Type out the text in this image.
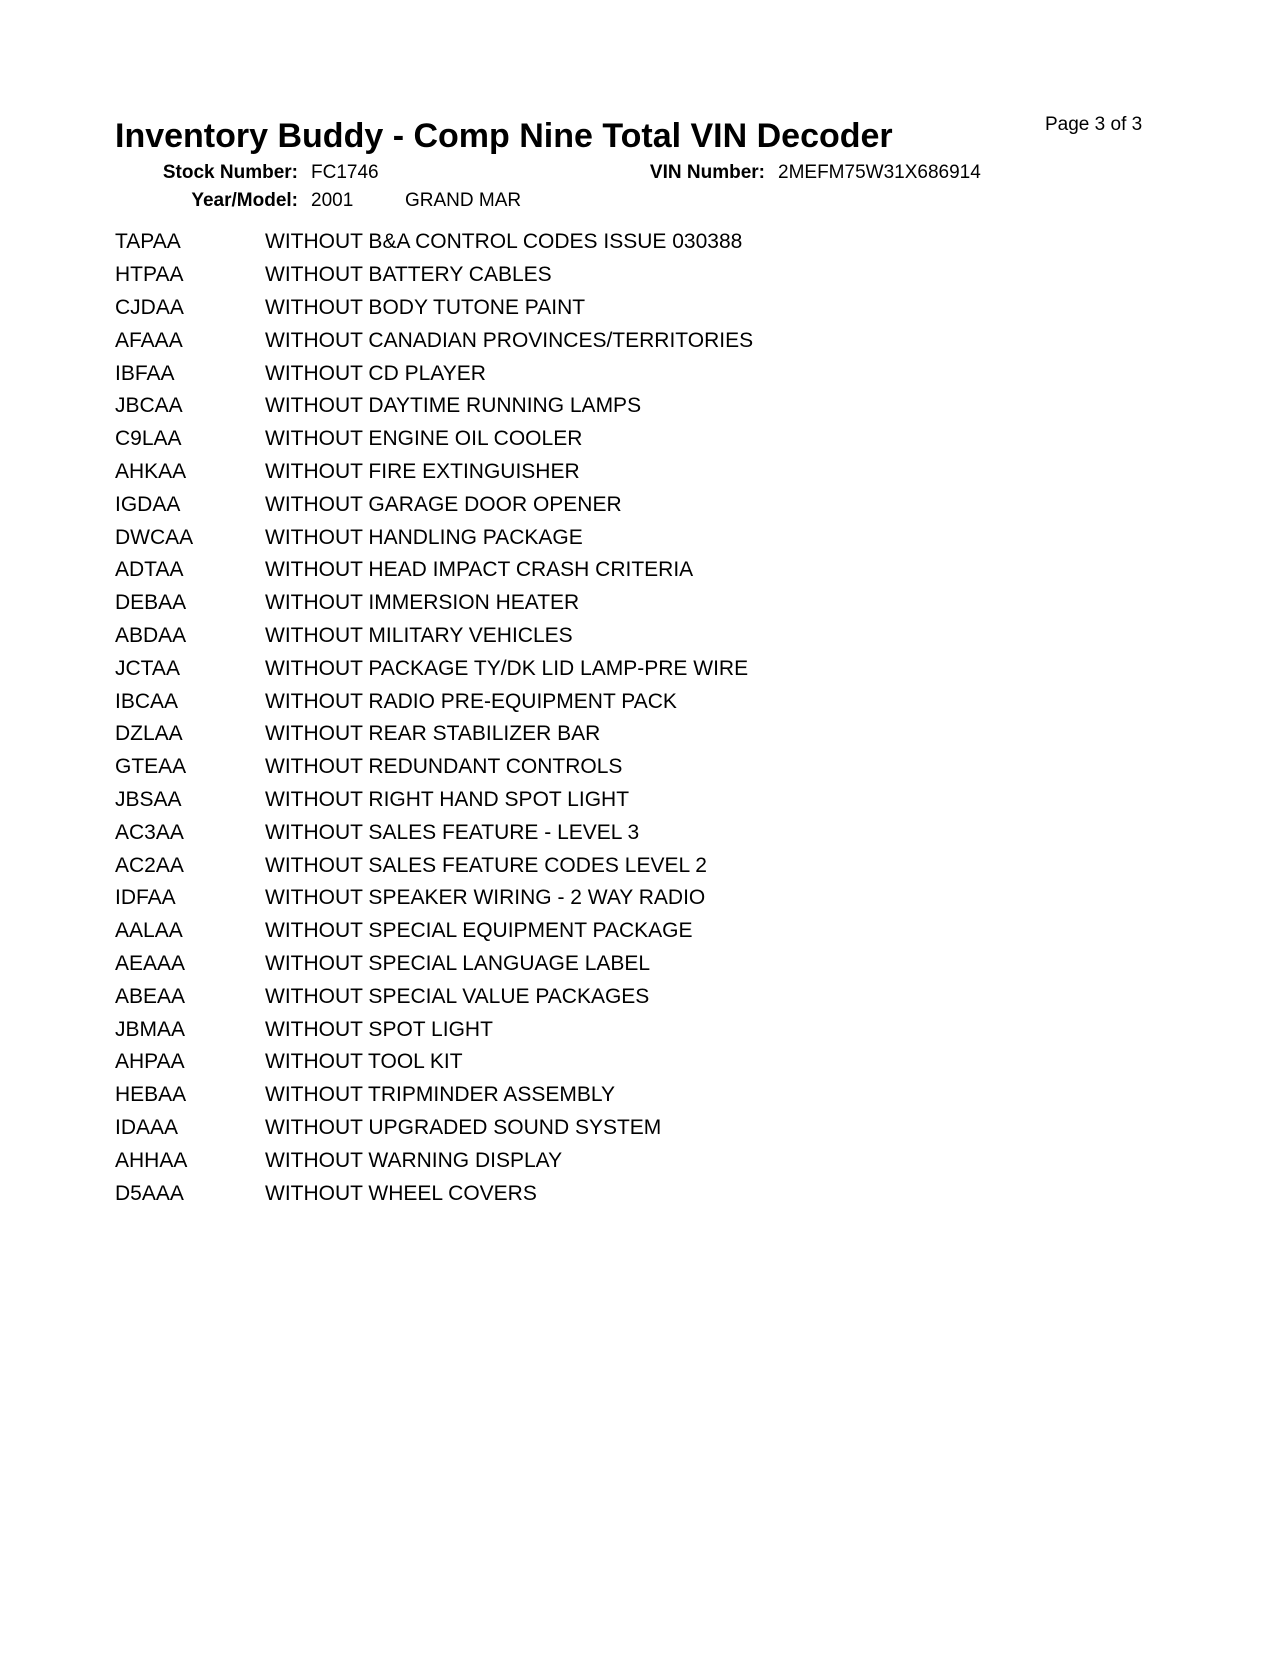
Inventory Buddy - Comp Nine Total VIN Decoder	Page 3 of 3
Stock Number: FC1746	VIN Number: 2MEFM75W31X686914
Year/Model: 2001	GRAND MAR
TAPAA	WITHOUT B&A CONTROL CODES ISSUE 030388
HTPAA	WITHOUT BATTERY CABLES
CJDAA	WITHOUT BODY TUTONE PAINT
AFAAA	WITHOUT CANADIAN PROVINCES/TERRITORIES
IBFAA	WITHOUT CD PLAYER
JBCAA	WITHOUT DAYTIME RUNNING LAMPS
C9LAA	WITHOUT ENGINE OIL COOLER
AHKAA	WITHOUT FIRE EXTINGUISHER
IGDAA	WITHOUT GARAGE DOOR OPENER
DWCAA	WITHOUT HANDLING PACKAGE
ADTAA	WITHOUT HEAD IMPACT CRASH CRITERIA
DEBAA	WITHOUT IMMERSION HEATER
ABDAA	WITHOUT MILITARY VEHICLES
JCTAA	WITHOUT PACKAGE TY/DK LID LAMP-PRE WIRE
IBCAA	WITHOUT RADIO PRE-EQUIPMENT PACK
DZLAA	WITHOUT REAR STABILIZER BAR
GTEAA	WITHOUT REDUNDANT CONTROLS
JBSAA	WITHOUT RIGHT HAND SPOT LIGHT
AC3AA	WITHOUT SALES FEATURE - LEVEL 3
AC2AA	WITHOUT SALES FEATURE CODES LEVEL 2
IDFAA	WITHOUT SPEAKER WIRING - 2 WAY RADIO
AALAA	WITHOUT SPECIAL EQUIPMENT PACKAGE
AEAAA	WITHOUT SPECIAL LANGUAGE LABEL
ABEAA	WITHOUT SPECIAL VALUE PACKAGES
JBMAA	WITHOUT SPOT LIGHT
AHPAA	WITHOUT TOOL KIT
HEBAA	WITHOUT TRIPMINDER ASSEMBLY
IDAAA	WITHOUT UPGRADED SOUND SYSTEM
AHHAA	WITHOUT WARNING DISPLAY
D5AAA	WITHOUT WHEEL COVERS
